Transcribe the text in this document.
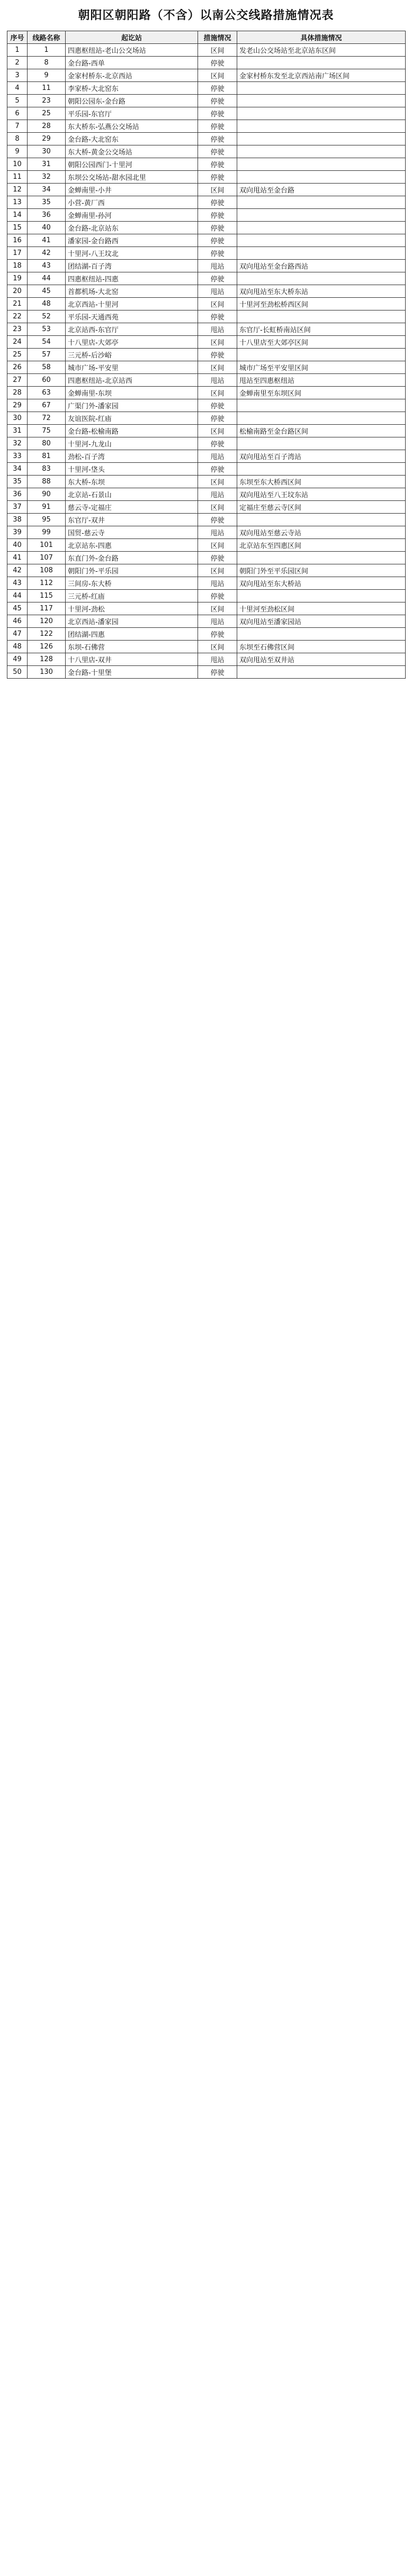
朝阳区朝阳路（不含）以南公交线路措施情况表
序号	线路名称	起讫站	措施情况	具体措施情况
1	1	四惠枢纽站-老山公交场站	区间	发老山公交场站至北京站东区间
2	8	金台路-西单	停驶	
3	9	金家村桥东-北京西站	区间	金家村桥东发至北京西站南广场区间
4	11	李家桥-大北窑东	停驶	
5	23	朝阳公园东-金台路	停驶	
6	25	平乐园-东官厅	停驶	
7	28	东大桥东-弘燕公交场站	停驶	
8	29	金台路-大北窑东	停驶	
9	30	东大桥-黄金公交场站	停驶	
10	31	朝阳公园西门-十里河	停驶	
11	32	东坝公交场站-甜水园北里	停驶	
12	34	金蝉南里-小井	区间	双向甩站至金台路
13	35	小营-黄厂西	停驶	
14	36	金蝉南里-孙河	停驶	
15	40	金台路-北京站东	停驶	
16	41	潘家园-金台路西	停驶	
17	42	十里河-八王坟北	停驶	
18	43	团结湖-百子湾	甩站	双向甩站至金台路西站
19	44	四惠枢纽站-四惠	停驶	
20	45	首都机场-大北窑	甩站	双向甩站至东大桥东站
21	48	北京西站-十里河	区间	十里河至劲松桥西区间
22	52	平乐园-天通西苑	停驶	
23	53	北京站西-东官厅	甩站	东官厅-长虹桥南站区间
24	54	十八里店-大郊亭	区间	十八里店至大郊亭区间
25	57	三元桥-后沙峪	停驶	
26	58	城市广场-平安里	区间	城市广场至平安里区间
27	60	四惠枢纽站-北京站西	甩站	甩站至四惠枢纽站
28	63	金蝉南里-东坝	区间	金蝉南里至东坝区间
29	67	广渠门外-潘家园	停驶	
30	72	友谊医院-红庙	停驶	
31	75	金台路-松榆南路	区间	松榆南路至金台路区间
32	80	十里河-九龙山	停驶	
33	81	劲松-百子湾	甩站	双向甩站至百子湾站
34	83	十里河-垡头	停驶	
35	88	东大桥-东坝	区间	东坝至东大桥西区间
36	90	北京站-石景山	甩站	双向甩站至八王坟东站
37	91	慈云寺-定福庄	区间	定福庄至慈云寺区间
38	95	东官厅-双井	停驶	
39	99	国贸-慈云寺	甩站	双向甩站至慈云寺站
40	101	北京站东-四惠	区间	北京站东至四惠区间
41	107	东直门外-金台路	停驶	
42	108	朝阳门外-平乐园	区间	朝阳门外至平乐园区间
43	112	三间房-东大桥	甩站	双向甩站至东大桥站
44	115	三元桥-红庙	停驶	
45	117	十里河-劲松	区间	十里河至劲松区间
46	120	北京西站-潘家园	甩站	双向甩站至潘家园站
47	122	团结湖-四惠	停驶	
48	126	东坝-石佛营	区间	东坝至石佛营区间
49	128	十八里店-双井	甩站	双向甩站至双井站
50	130	金台路-十里堡	停驶	
